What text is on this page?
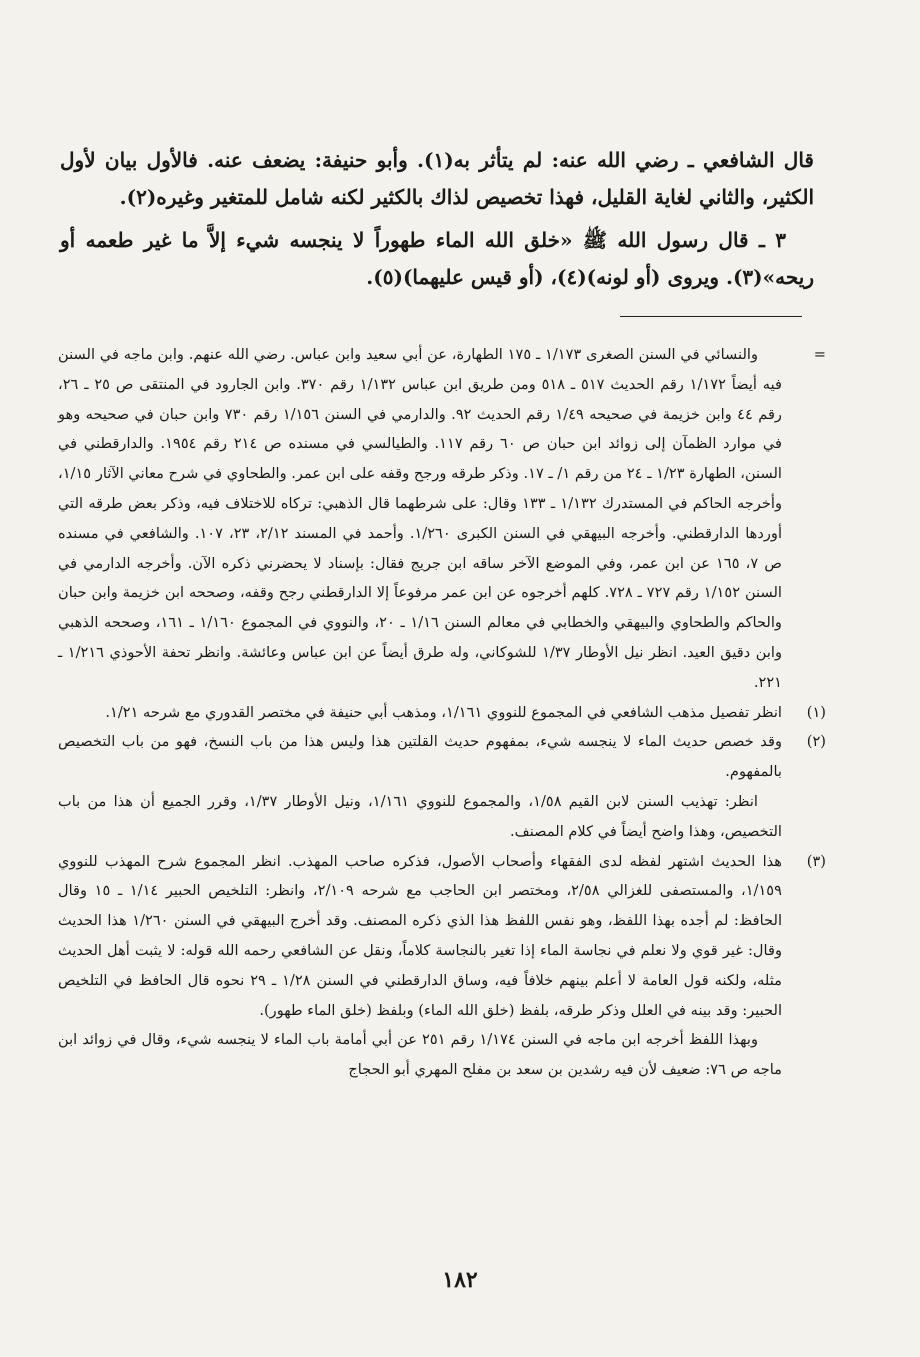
قال الشافعي ـ رضي الله عنه: لم يتأثر به(١). وأبو حنيفة: يضعف عنه. فالأول بيان لأول الكثير، والثاني لغاية القليل، فهذا تخصيص لذاك بالكثير لكنه شامل للمتغير وغيره(٢).

٣ ـ قال رسول الله ﷺ «خلق الله الماء طهوراً لا ينجسه شيء إلاَّ ما غير طعمه أو ريحه»(٣). ويروى (أو لونه)(٤)، (أو قيس عليهما)(٥).

=

والنسائي في السنن الصغرى ١/١٧٣ ـ ١٧٥ الطهارة، عن أبي سعيد وابن عباس. رضي الله عنهم. وابن ماجه في السنن فيه أيضاً ١/١٧٢ رقم الحديث ٥١٧ ـ ٥١٨ ومن طريق ابن عباس ١/١٣٢ رقم ٣٧٠. وابن الجارود في المنتقى ص ٢٥ ـ ٢٦، رقم ٤٤ وابن خزيمة في صحيحه ١/٤٩ رقم الحديث ٩٢. والدارمي في السنن ١/١٥٦ رقم ٧٣٠ وابن حبان في صحيحه وهو في موارد الظمآن إلى زوائد ابن حبان ص ٦٠ رقم ١١٧. والطيالسي في مسنده ص ٢١٤ رقم ١٩٥٤. والدارقطني في السنن، الطهارة ١/٢٣ ـ ٢٤ من رقم ١/ ـ ١٧. وذكر طرقه ورجح وقفه على ابن عمر. والطحاوي في شرح معاني الآثار ١/١٥، وأخرجه الحاكم في المستدرك ١/١٣٢ ـ ١٣٣ وقال: على شرطهما قال الذهبي: تركاه للاختلاف فيه، وذكر بعض طرقه التي أوردها الدارقطني. وأخرجه البيهقي في السنن الكبرى ١/٢٦٠. وأحمد في المسند ٢/١٢، ٢٣، ١٠٧. والشافعي في مسنده ص ٧، ١٦٥ عن ابن عمر، وفي الموضع الآخر ساقه ابن جريج فقال: بإسناد لا يحضرني ذكره الآن. وأخرجه الدارمي في السنن ١/١٥٢ رقم ٧٢٧ ـ ٧٢٨. كلهم أخرجوه عن ابن عمر مرفوعاً إلا الدارقطني رجح وقفه، وصححه ابن خزيمة وابن حبان والحاكم والطحاوي والبيهقي والخطابي في معالم السنن ١/١٦ ـ ٢٠، والنووي في المجموع ١/١٦٠ ـ ١٦١، وصححه الذهبي وابن دقيق العيد. انظر نيل الأوطار ١/٣٧ للشوكاني، وله طرق أيضاً عن ابن عباس وعائشة. وانظر تحفة الأحوذي ١/٢١٦ ـ ٢٢١.

(١)

انظر تفصيل مذهب الشافعي في المجموع للنووي ١/١٦١، ومذهب أبي حنيفة في مختصر القدوري مع شرحه ١/٢١.

(٢)

وقد خصص حديث الماء لا ينجسه شيء، بمفهوم حديث القلتين هذا وليس هذا من باب النسخ، فهو من باب التخصيص بالمفهوم.

انظر: تهذيب السنن لابن القيم ١/٥٨، والمجموع للنووي ١/١٦١، ونيل الأوطار ١/٣٧، وقرر الجميع أن هذا من باب التخصيص، وهذا واضح أيضاً في كلام المصنف.

(٣)

هذا الحديث اشتهر لفظه لدى الفقهاء وأصحاب الأصول، فذكره صاحب المهذب. انظر المجموع شرح المهذب للنووي ١/١٥٩، والمستصفى للغزالي ٢/٥٨، ومختصر ابن الحاجب مع شرحه ٢/١٠٩، وانظر: التلخيص الحبير ١/١٤ ـ ١٥ وقال الحافظ: لم أجده بهذا اللفظ، وهو نفس اللفظ هذا الذي ذكره المصنف. وقد أخرج البيهقي في السنن ١/٢٦٠ هذا الحديث وقال: غير قوي ولا نعلم في نجاسة الماء إذا تغير بالنجاسة كلاماً، ونقل عن الشافعي رحمه الله قوله: لا يثبت أهل الحديث مثله، ولكنه قول العامة لا أعلم بينهم خلافاً فيه، وساق الدارقطني في السنن ١/٢٨ ـ ٢٩ نحوه قال الحافظ في التلخيص الحبير: وقد بينه في العلل وذكر طرقه، بلفظ (خلق الله الماء) وبلفظ (خلق الماء طهور).

وبهذا اللفظ أخرجه ابن ماجه في السنن ١/١٧٤ رقم ٢٥١ عن أبي أمامة باب الماء لا ينجسه شيء، وقال في زوائد ابن ماجه ص ٧٦: ضعيف لأن فيه رشدين بن سعد بن مفلح المهري أبو الحجاج

١٨٢
